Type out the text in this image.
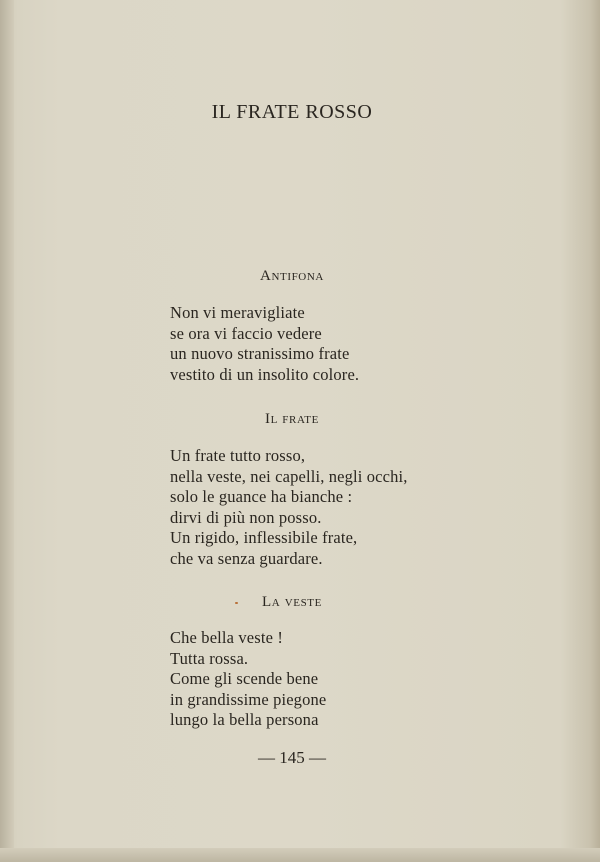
IL FRATE ROSSO
Antifona
Non vi meravigliate
se ora vi faccio vedere
un nuovo stranissimo frate
vestito di un insolito colore.
Il frate
Un frate tutto rosso,
nella veste, nei capelli, negli occhi,
solo le guance ha bianche :
dirvi di più non posso.
Un rigido, inflessibile frate,
che va senza guardare.
La veste
Che bella veste !
Tutta rossa.
Come gli scende bene
in grandissime piegone
lungo la bella persona
— 145 —
